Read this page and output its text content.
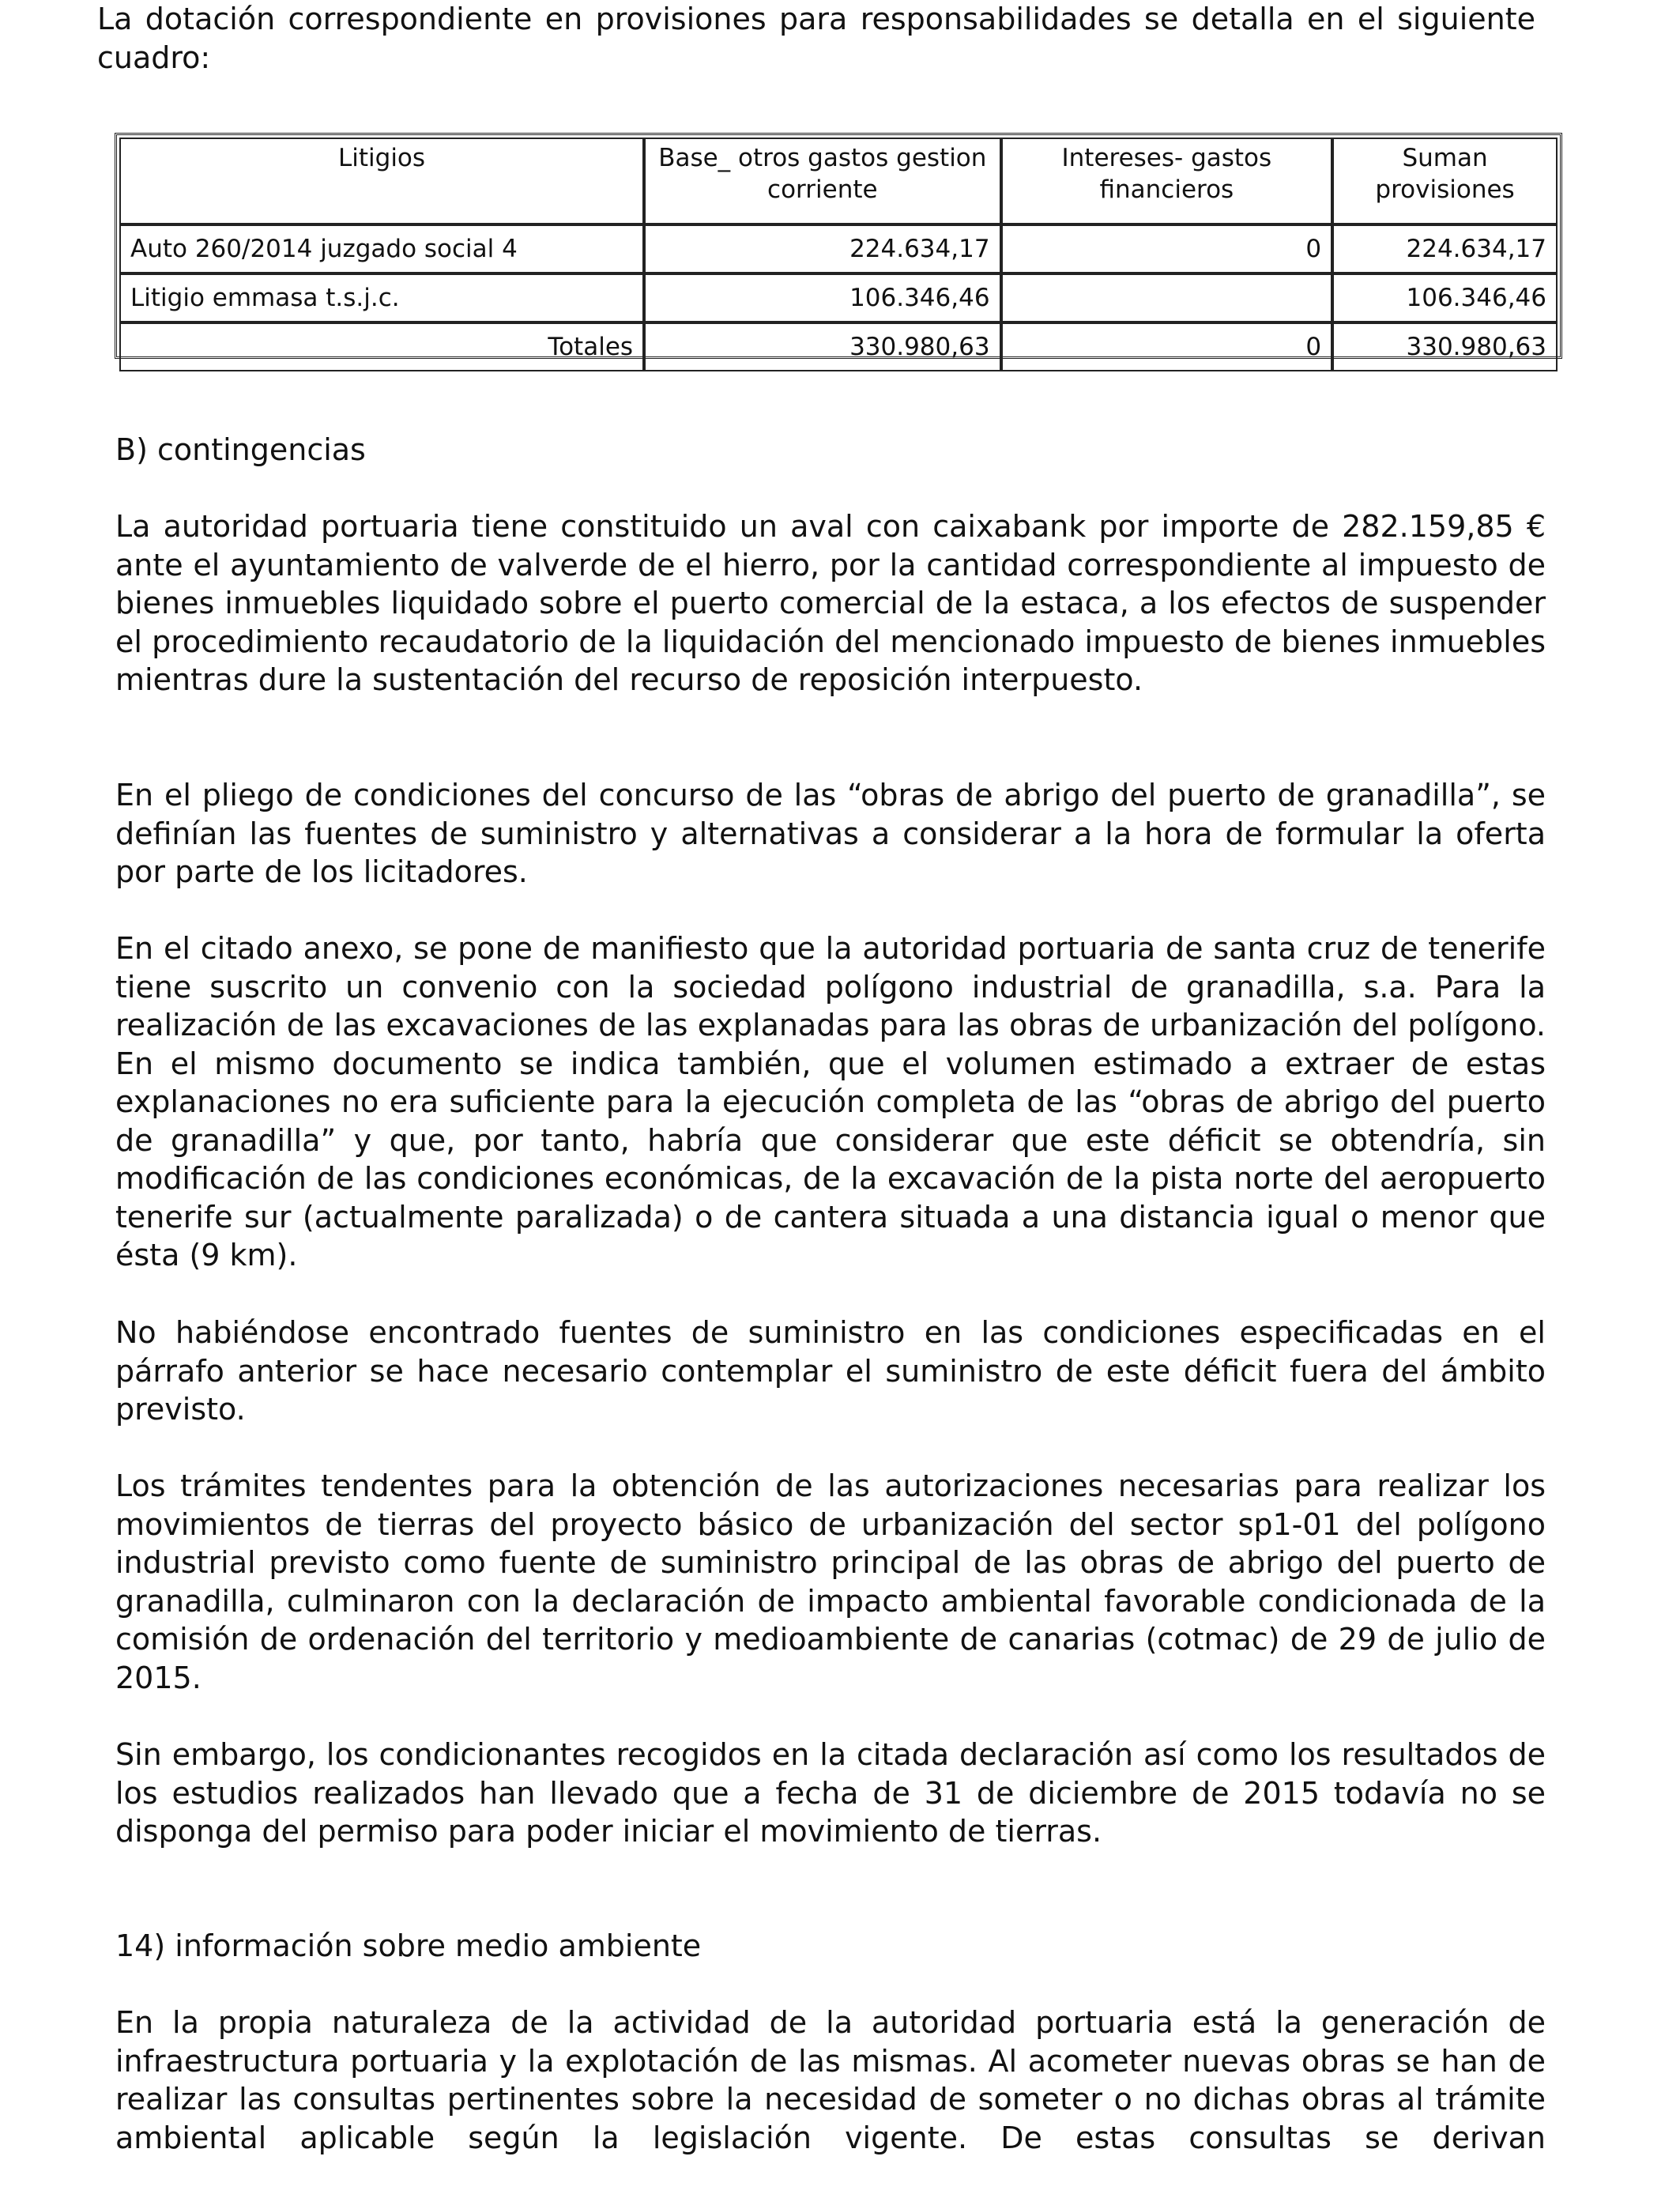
La dotación correspondiente en provisiones para responsabilidades se detalla en el siguiente cuadro:

Litigios	Base_ otros gastos gestion corriente	Intereses- gastos financieros	Suman provisiones
Auto 260/2014 juzgado social 4	224.634,17	0	224.634,17
Litigio emmasa t.s.j.c.	106.346,46		106.346,46
Totales	330.980,63	0	330.980,63

B) contingencias

La autoridad portuaria tiene constituido un aval con caixabank por importe de 282.159,85 € ante el ayuntamiento de valverde de el hierro, por la cantidad correspondiente al impuesto de bienes inmuebles liquidado sobre el puerto comercial de la estaca, a los efectos de suspender el procedimiento recaudatorio de la liquidación del mencionado impuesto de bienes inmuebles mientras dure la sustentación del recurso de reposición interpuesto.

En el pliego de condiciones del concurso de las “obras de abrigo del puerto de granadilla”, se definían las fuentes de suministro y alternativas a considerar a la hora de formular la oferta por parte de los licitadores.

En el citado anexo, se pone de manifiesto que la autoridad portuaria de santa cruz de tenerife tiene suscrito un convenio con la sociedad polígono industrial de granadilla, s.a. Para la realización de las excavaciones de las explanadas para las obras de urbanización del polígono. En el mismo documento se indica también, que el volumen estimado a extraer de estas explanaciones no era suficiente para la ejecución completa de las “obras de abrigo del puerto de granadilla” y que, por tanto, habría que considerar que este déficit se obtendría, sin modificación de las condiciones económicas, de la excavación de la pista norte del aeropuerto tenerife sur (actualmente paralizada) o de cantera situada a una distancia igual o menor que ésta (9 km).

No habiéndose encontrado fuentes de suministro en las condiciones especificadas en el párrafo anterior se hace necesario contemplar el suministro de este déficit fuera del ámbito previsto.

Los trámites tendentes para la obtención de las autorizaciones necesarias para realizar los movimientos de tierras del proyecto básico de urbanización del sector sp1-01 del polígono industrial previsto como fuente de suministro principal de las obras de abrigo del puerto de granadilla, culminaron con la declaración de impacto ambiental favorable condicionada de la comisión de ordenación del territorio y medioambiente de canarias (cotmac) de 29 de julio de 2015.

Sin embargo, los condicionantes recogidos en la citada declaración así como los resultados de los estudios realizados han llevado que a fecha de 31 de diciembre de 2015 todavía no se disponga del permiso para poder iniciar el movimiento de tierras.

14) información sobre medio ambiente

En la propia naturaleza de la actividad de la autoridad portuaria está la generación de infraestructura portuaria y la explotación de las mismas. Al acometer nuevas obras se han de realizar las consultas pertinentes sobre la necesidad de someter o no dichas obras al trámite ambiental aplicable según la legislación vigente. De estas consultas se derivan
